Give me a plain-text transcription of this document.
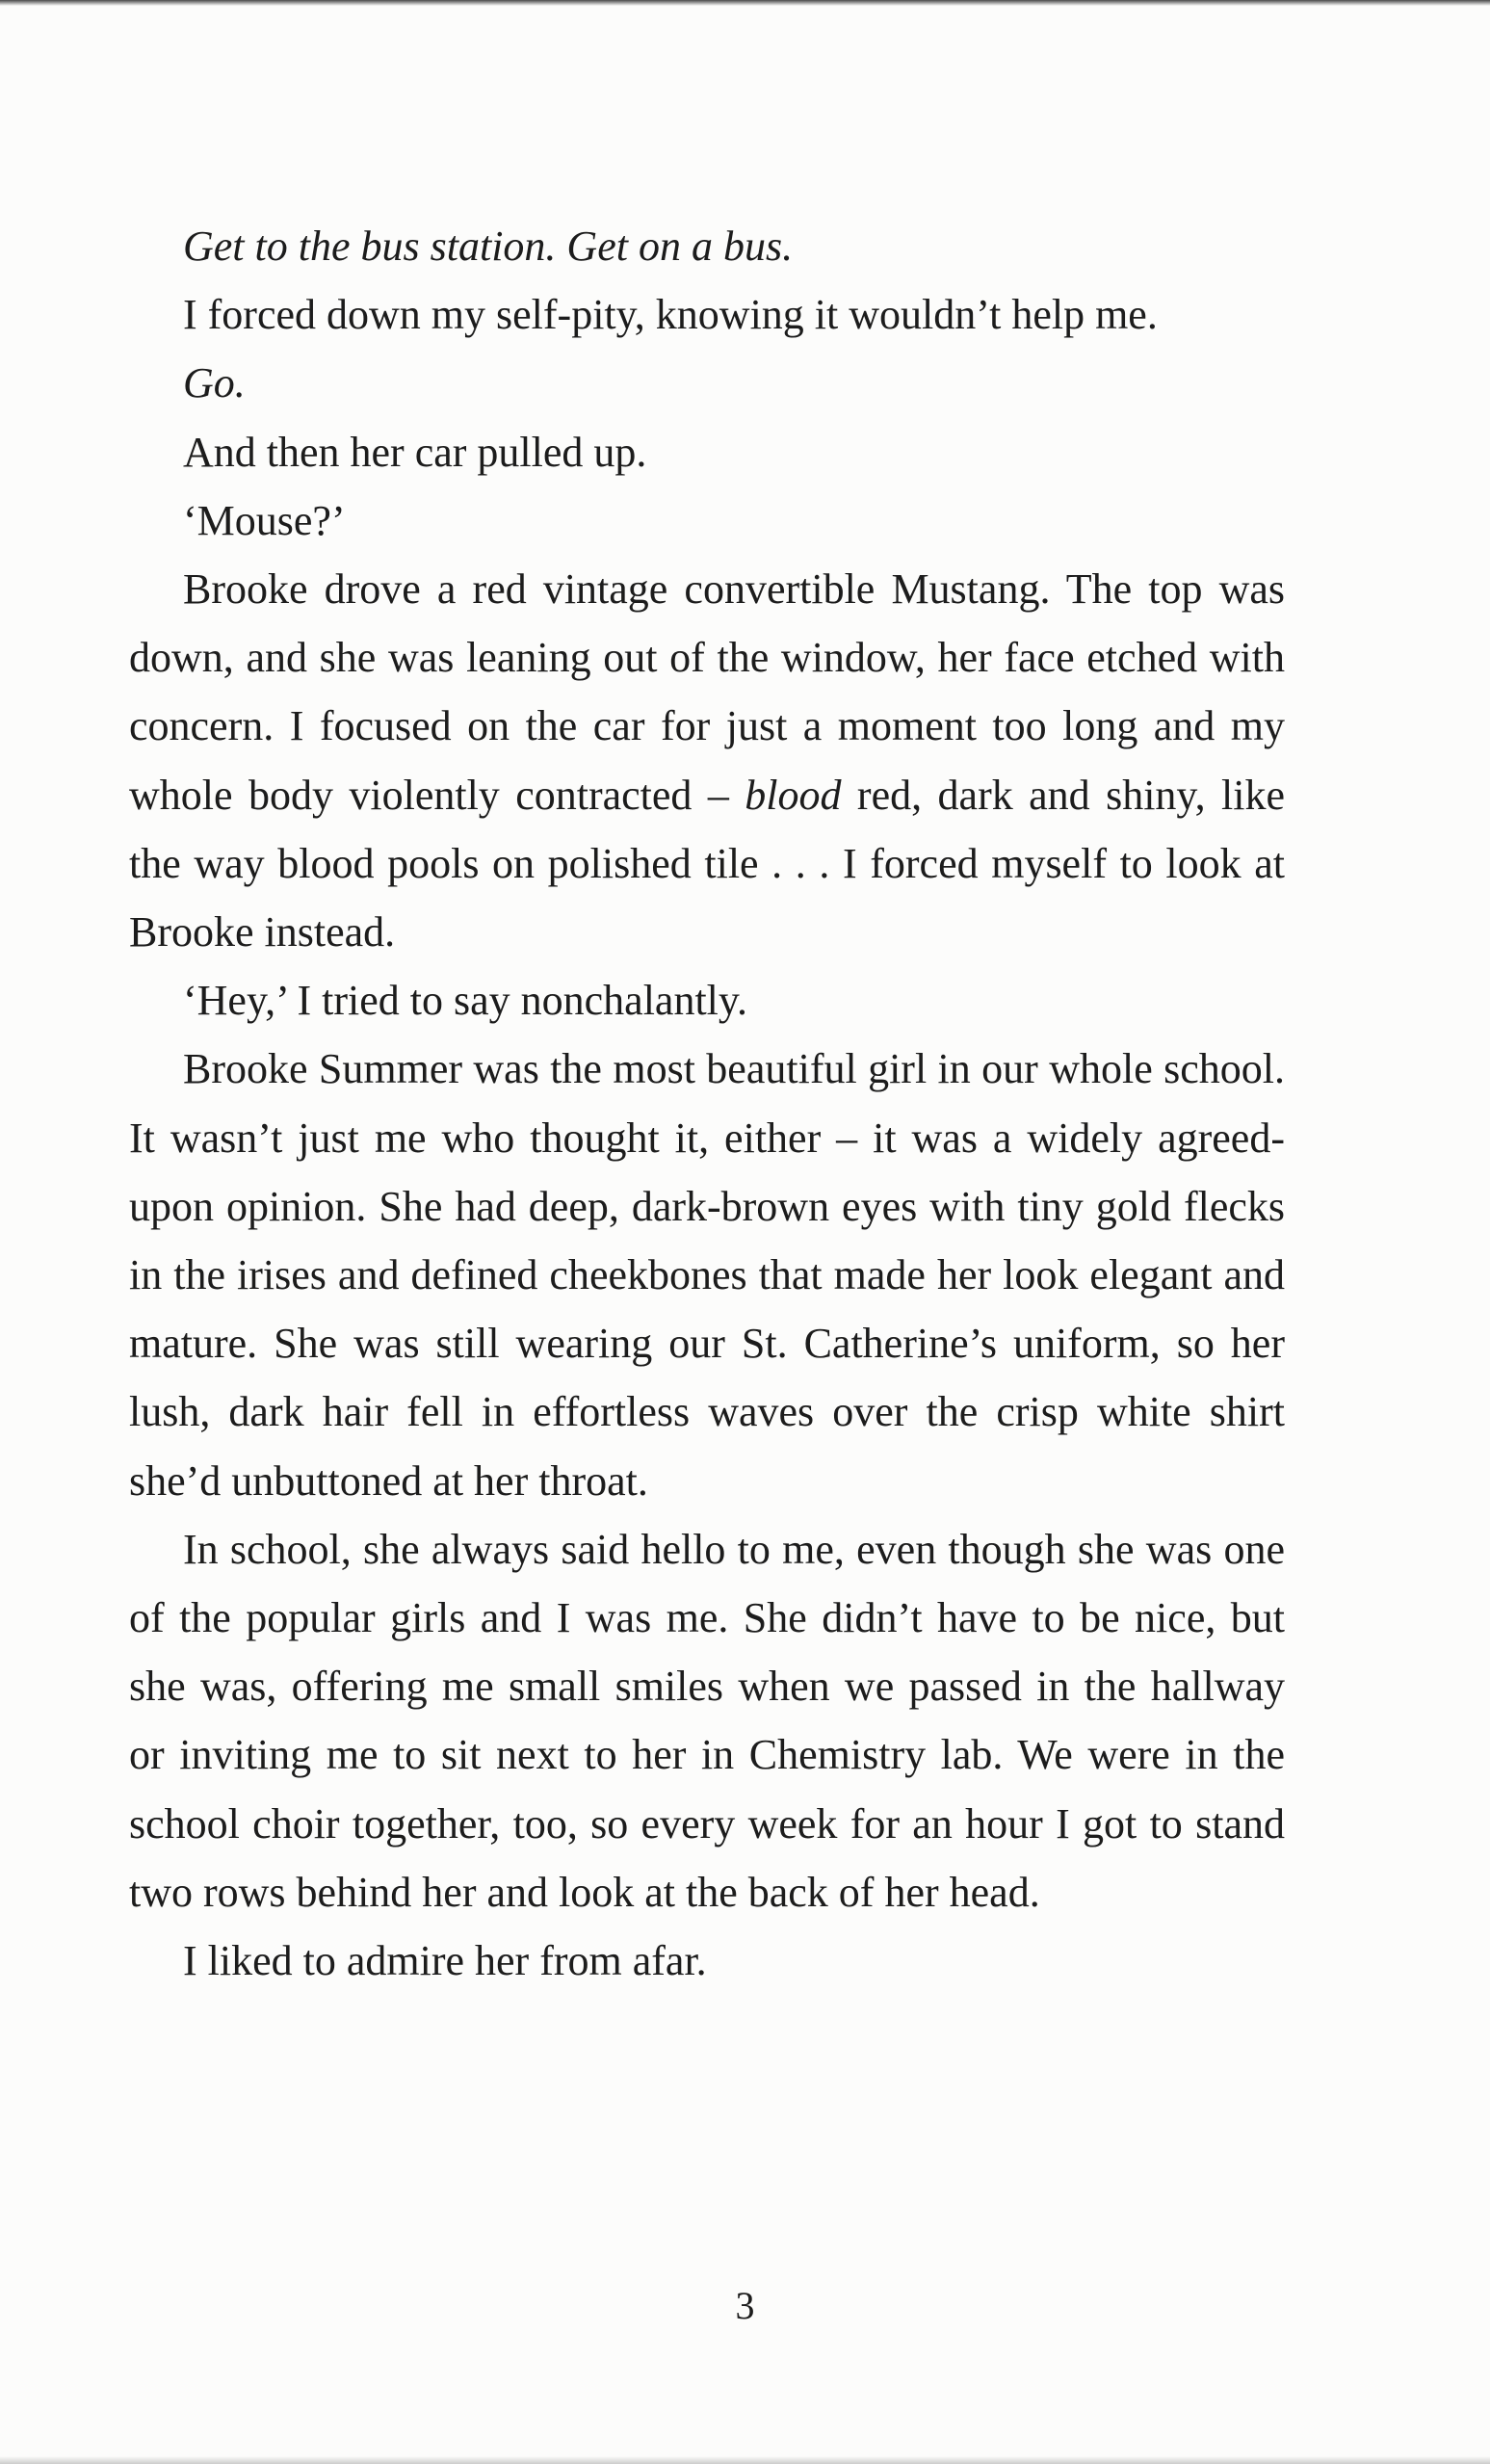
Get to the bus station. Get on a bus.

I forced down my self-pity, knowing it wouldn’t help me.

Go.

And then her car pulled up.

‘Mouse?’

Brooke drove a red vintage convertible Mustang. The top was down, and she was leaning out of the window, her face etched with concern. I focused on the car for just a moment too long and my whole body violently contracted – blood red, dark and shiny, like the way blood pools on polished tile . . . I forced myself to look at Brooke instead.

‘Hey,’ I tried to say nonchalantly.

Brooke Summer was the most beautiful girl in our whole school. It wasn’t just me who thought it, either – it was a widely agreed-upon opinion. She had deep, dark-brown eyes with tiny gold flecks in the irises and defined cheekbones that made her look elegant and mature. She was still wearing our St. Catherine’s uniform, so her lush, dark hair fell in effortless waves over the crisp white shirt she’d unbuttoned at her throat.

In school, she always said hello to me, even though she was one of the popular girls and I was me. She didn’t have to be nice, but she was, offering me small smiles when we passed in the hallway or inviting me to sit next to her in Chemistry lab. We were in the school choir together, too, so every week for an hour I got to stand two rows behind her and look at the back of her head.

I liked to admire her from afar.

3
